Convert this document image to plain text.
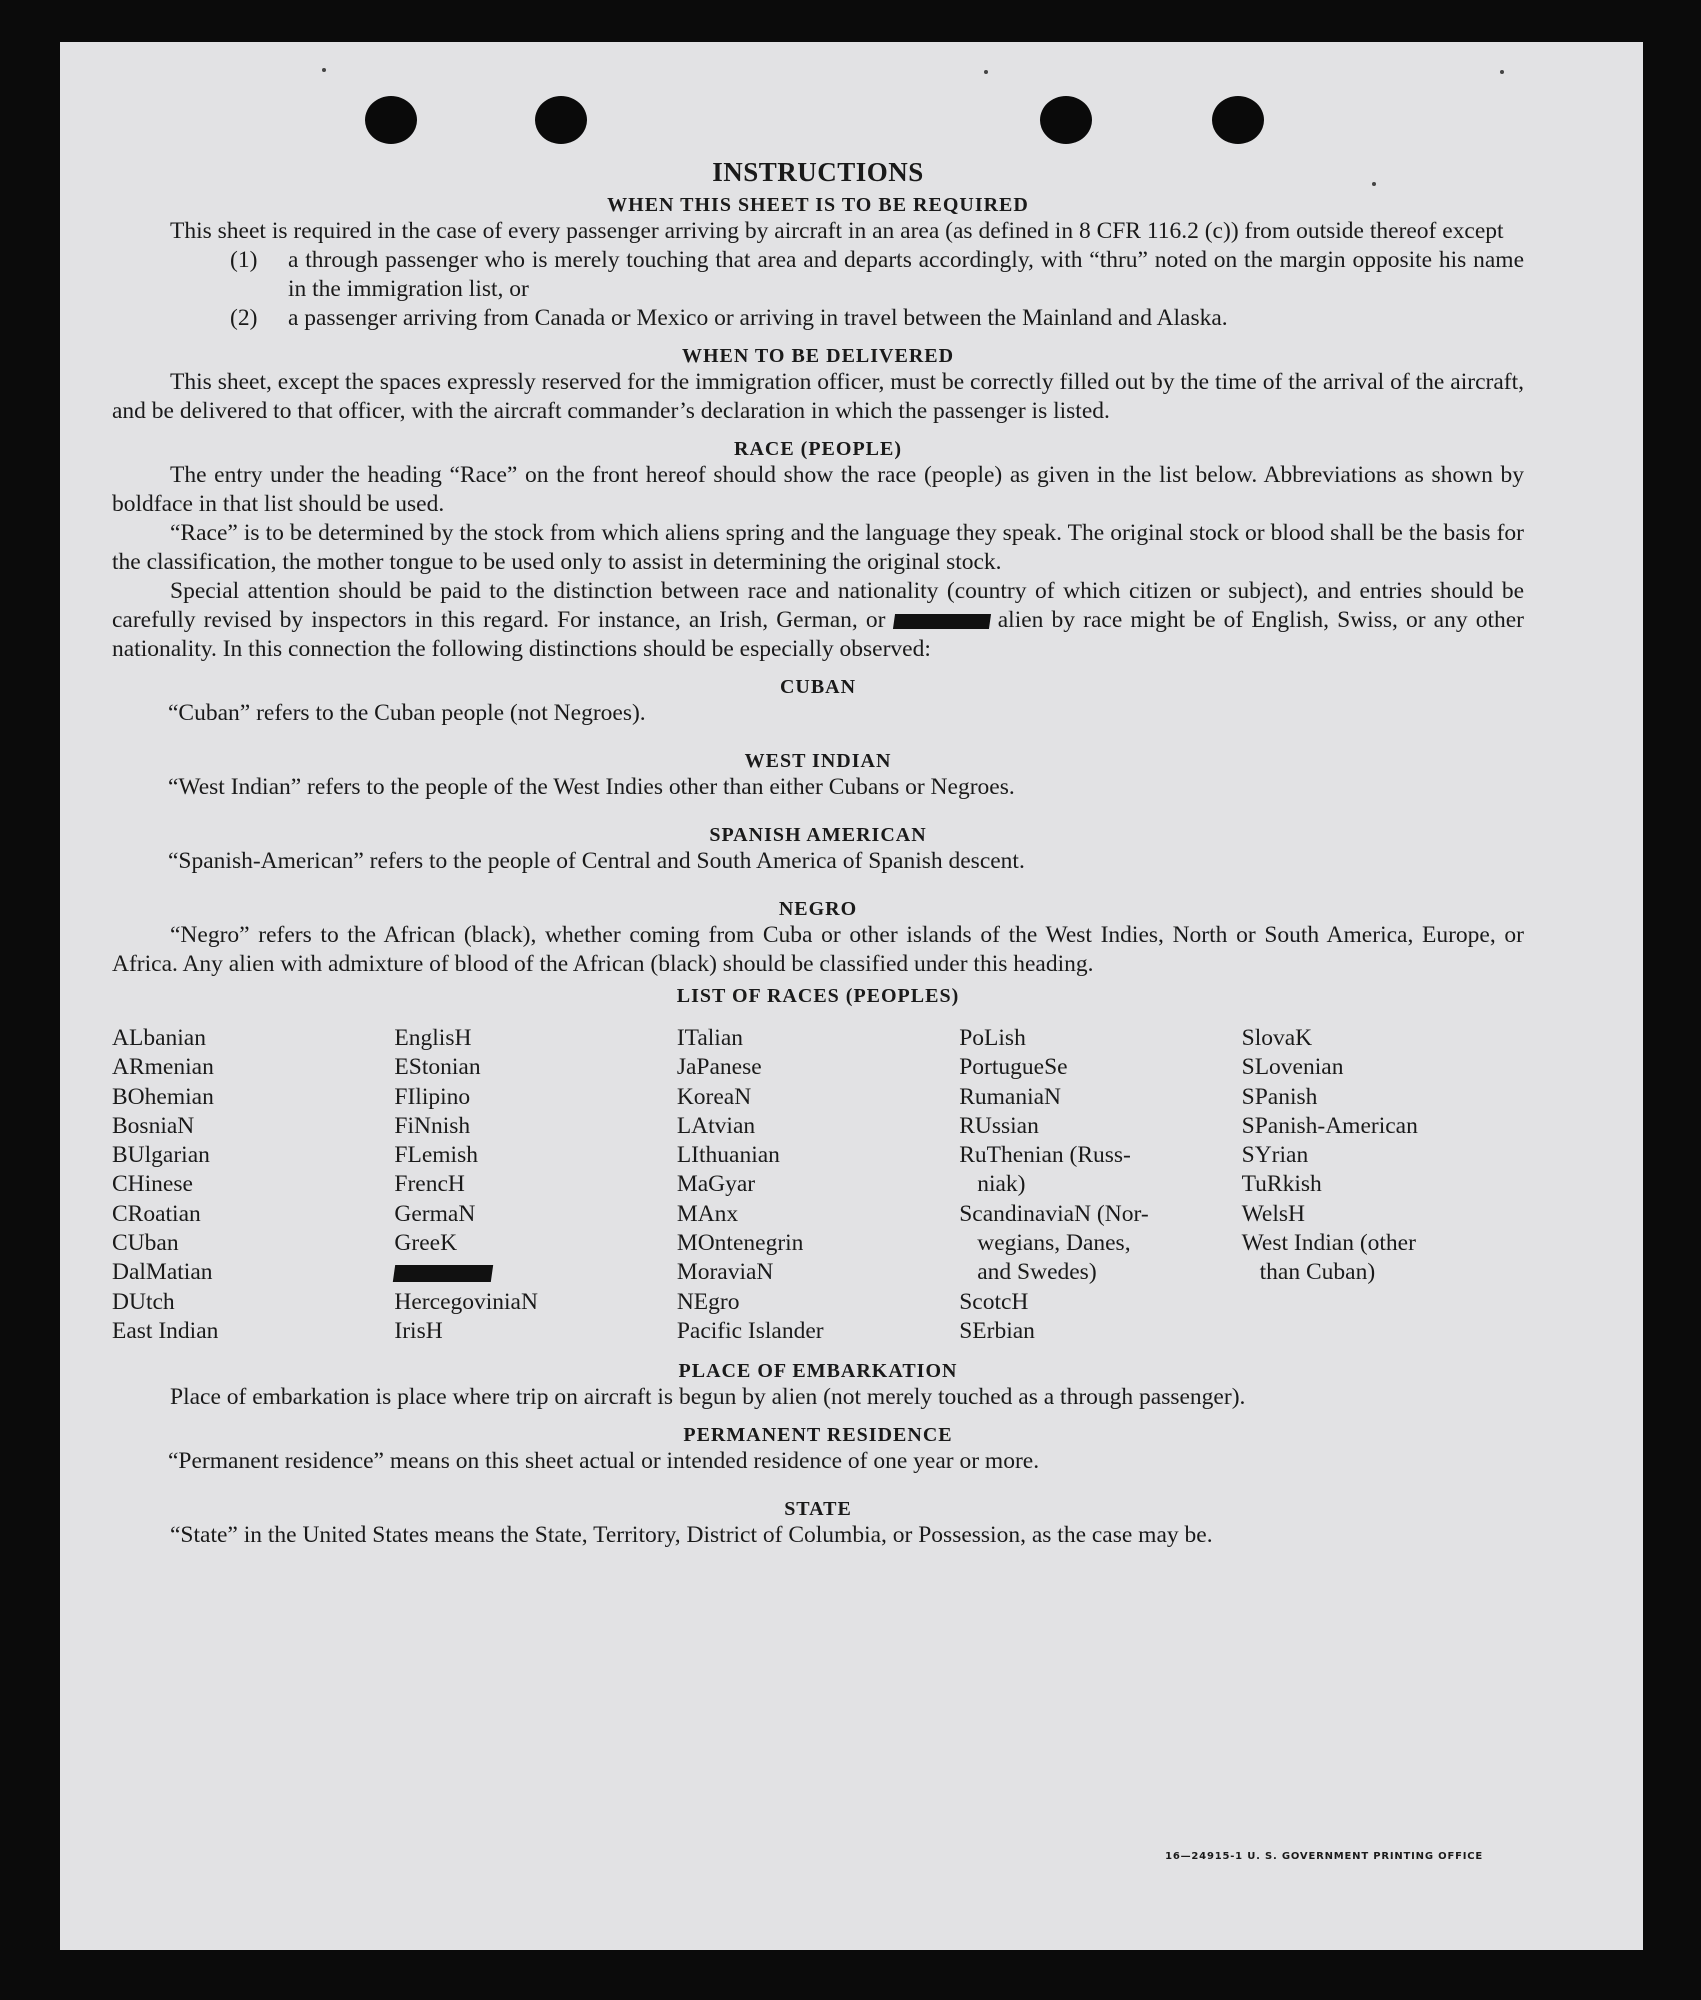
INSTRUCTIONS
WHEN THIS SHEET IS TO BE REQUIRED

This sheet is required in the case of every passenger arriving by aircraft in an area (as defined in 8 CFR 116.2 (c)) from outside thereof except

(1)	a through passenger who is merely touching that area and departs accordingly, with “thru” noted on the margin opposite his name in the immigration list, or

(2)	a passenger arriving from Canada or Mexico or arriving in travel between the Mainland and Alaska.

WHEN TO BE DELIVERED

This sheet, except the spaces expressly reserved for the immigration officer, must be correctly filled out by the time of the arrival of the aircraft, and be delivered to that officer, with the aircraft commander’s declaration in which the passenger is listed.

RACE (PEOPLE)

The entry under the heading “Race” on the front hereof should show the race (people) as given in the list below. Abbreviations as shown by boldface in that list should be used.

“Race” is to be determined by the stock from which aliens spring and the language they speak. The original stock or blood shall be the basis for the classification, the mother tongue to be used only to assist in determining the original stock.

Special attention should be paid to the distinction between race and nationality (country of which citizen or subject), and entries should be carefully revised by inspectors in this regard. For instance, an Irish, German, or	alien by race might be of English, Swiss, or any other nationality. In this connection the following distinctions should be especially observed:

CUBAN

“Cuban” refers to the Cuban people (not Negroes).

WEST INDIAN

“West Indian” refers to the people of the West Indies other than either Cubans or Negroes.

SPANISH AMERICAN

“Spanish-American” refers to the people of Central and South America of Spanish descent.

NEGRO

“Negro” refers to the African (black), whether coming from Cuba or other islands of the West Indies, North or South America, Europe, or Africa. Any alien with admixture of blood of the African (black) should be classified under this heading.

LIST OF RACES (PEOPLES)
ALbanian
ARmenian
BOhemian
BosniaN
BUlgarian
CHinese
CRoatian
CUban
DalMatian
DUtch
East Indian
EnglisH
EStonian
FIlipino
FiNnish
FLemish
FrencH
GermaN
GreeK
HercegoviniaN
IrisH
ITalian
JaPanese
KoreaN
LAtvian
LIthuanian
MaGyar
MAnx
MOntenegrin
MoraviaN
NEgro
Pacific Islander
PoLish
PortugueSe
RumaniaN
RUssian
RuThenian (Russ-
niak)
ScandinaviaN (Nor-
wegians, Danes,
and Swedes)
ScotcH
SErbian
SlovaK
SLovenian
SPanish
SPanish-American
SYrian
TuRkish
WelsH
West Indian (other
than Cuban)
PLACE OF EMBARKATION

Place of embarkation is place where trip on aircraft is begun by alien (not merely touched as a through passenger).

PERMANENT RESIDENCE

“Permanent residence” means on this sheet actual or intended residence of one year or more.

STATE

“State” in the United States means the State, Territory, District of Columbia, or Possession, as the case may be.

16—24915-1 U. S. GOVERNMENT PRINTING OFFICE
